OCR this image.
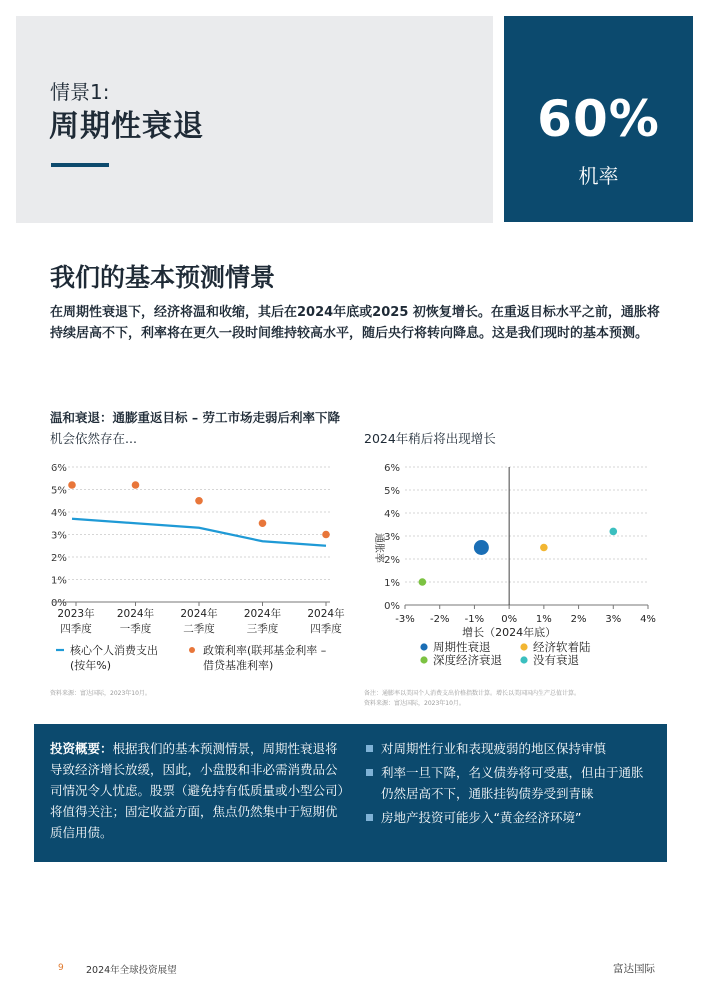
情景1:
周期性衰退	60%
机率
我们的基本预测情景
在周期性衰退下，经济将温和收缩，其后在2024年底或2025 初恢复增长。在重返目标水平之前，通胀将持续居高不下，利率将在更久一段时间维持较高水平，随后央行将转向降息。这是我们现时的基本预测。
温和衰退：通膨重返目标 – 劳工市场走弱后利率下降
机会依然存在...	2024年稍后将出现增长
0%
1%
2%
3%
4%
5%
6%
2023年
四季度
2024年
一季度
2024年
二季度
2024年
三季度
2024年
四季度
核心个人消费支出
(按年%)
政策利率(联邦基金利率 –
借贷基准利率)
0%
1%
2%
3%
4%
5%
6%
-3% -2% -1% 0% 1% 2% 3% 4%
增长（2024年底）
通胀率
周期性衰退	经济软着陆
深度经济衰退	没有衰退
资料来源：富达国际，2023年10月。	备注：通膨率以美国个人消费支出价格指数计算。增长以美国国内生产总值计算。
资料来源：富达国际，2023年10月。
投资概要：根据我们的基本预测情景，周期性衰退将导致经济增长放缓，因此，小盘股和非必需消费品公司情况令人忧虑。股票（避免持有低质量或小型公司）将值得关注；固定收益方面，焦点仍然集中于短期优质信用债。
对周期性行业和表现疲弱的地区保持审慎
利率一旦下降，名义债券将可受惠，但由于通胀仍然居高不下，通胀挂钩债券受到青睐
房地产投资可能步入“黄金经济环境”
9 2024年全球投资展望	富达国际
